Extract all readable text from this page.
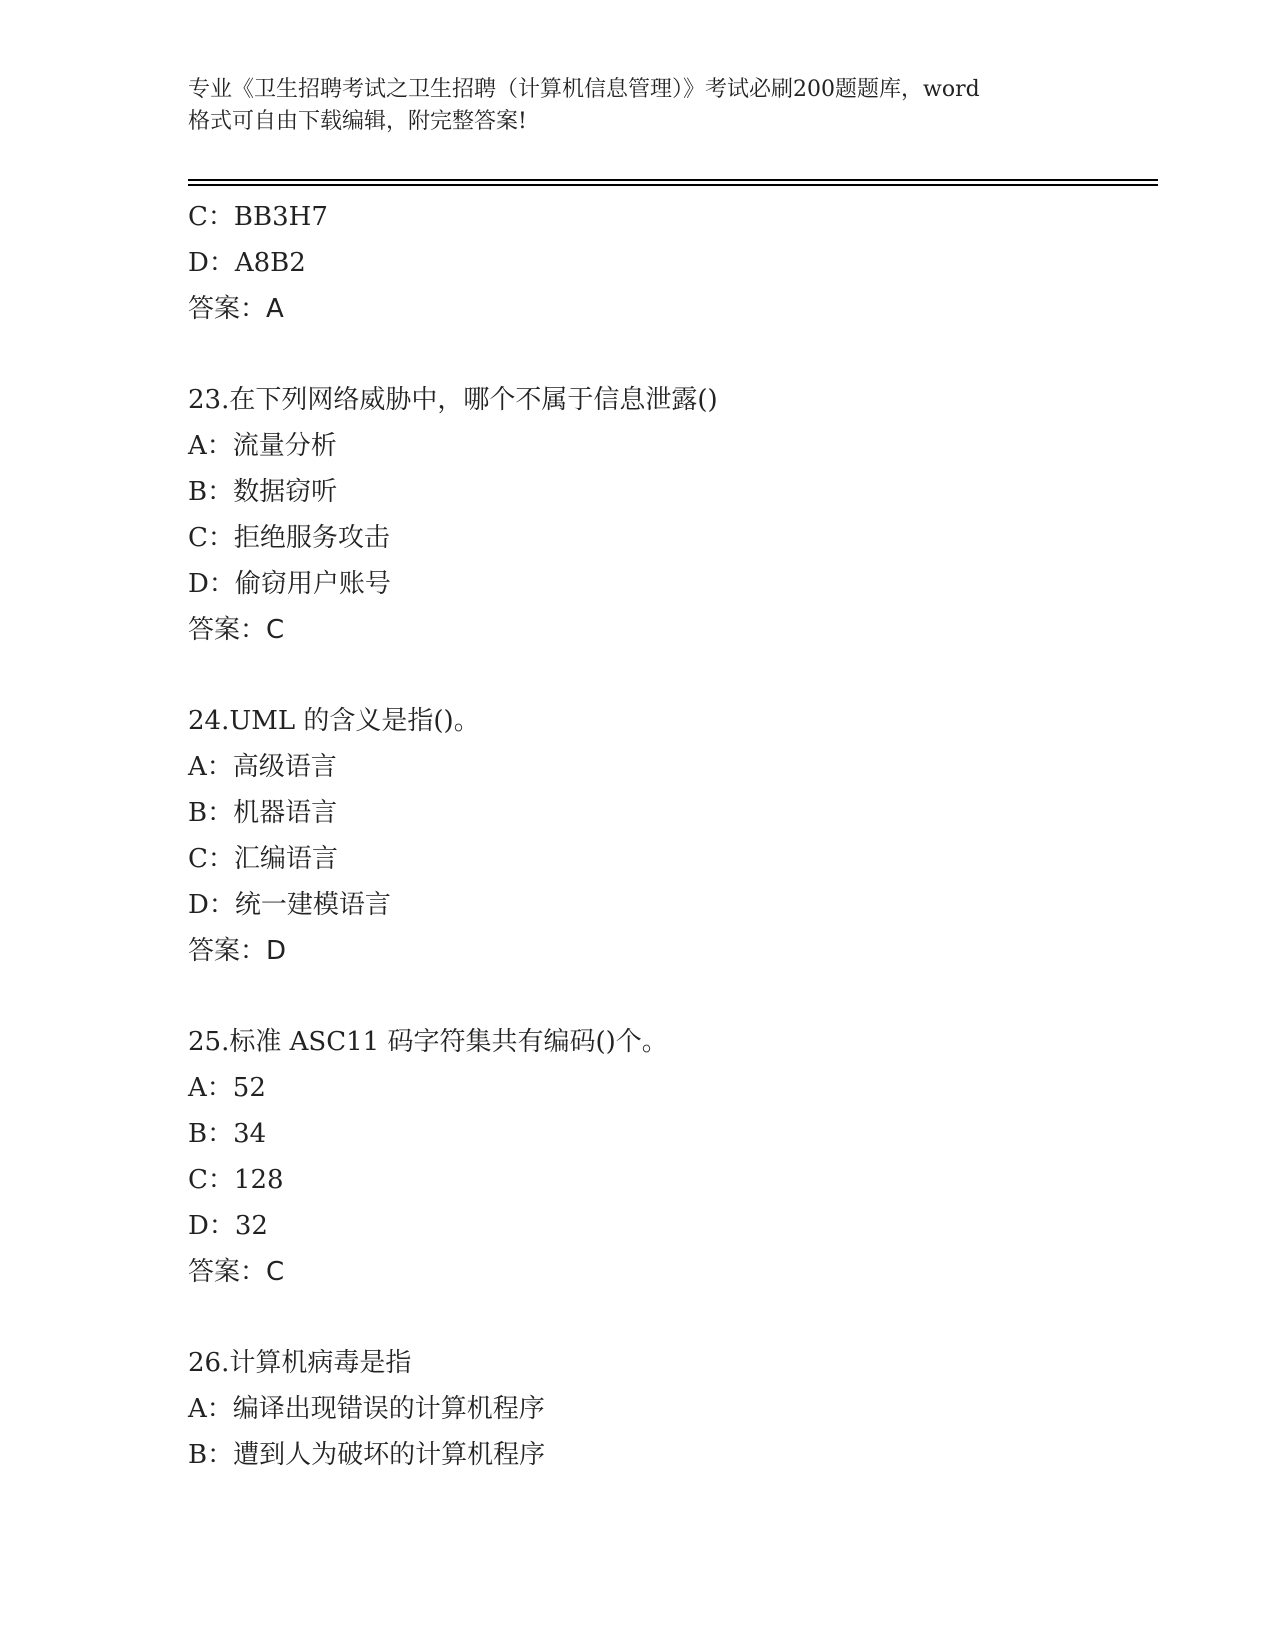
专业《卫生招聘考试之卫生招聘（计算机信息管理）》考试必刷200题题库，word
格式可自由下载编辑，附完整答案!
C：BB3H7
D：A8B2
答案：A
23.在下列网络威胁中，哪个不属于信息泄露()
A：流量分析
B：数据窃听
C：拒绝服务攻击
D：偷窃用户账号
答案：C
24.UML 的含义是指()。
A：高级语言
B：机器语言
C：汇编语言
D：统一建模语言
答案：D
25.标准 ASC11 码字符集共有编码()个。
A：52
B：34
C：128
D：32
答案：C
26.计算机病毒是指
A：编译出现错误的计算机程序
B：遭到人为破坏的计算机程序
